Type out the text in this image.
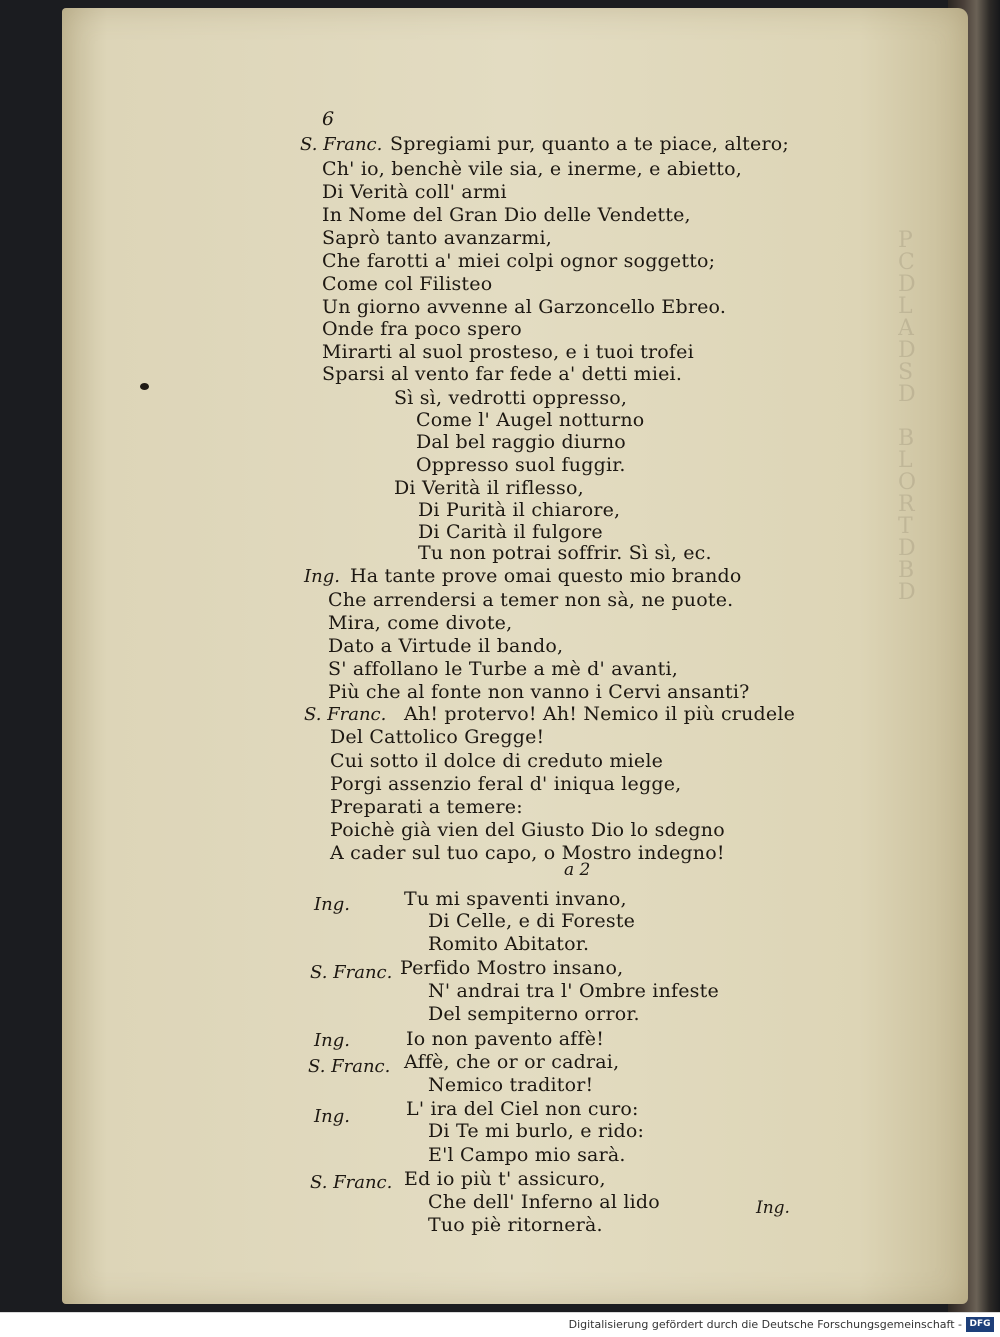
P
C
D
L
A
D
S
D

B
L
O
R
T
D
B
D
6
S. Franc.
Ing.
S. Franc.
Ing.
S. Franc.
Ing.
S. Franc.
Ing.
S. Franc.
Spregiami pur, quanto a te piace, altero;
Ch' io, benchè vile sia, e inerme, e abietto,
Di Verità coll' armi
In Nome del Gran Dio delle Vendette,
Saprò tanto avanzarmi,
Che farotti a' miei colpi ognor soggetto;
Come col Filisteo
Un giorno avvenne al Garzoncello Ebreo.
Onde fra poco spero
Mirarti al suol prosteso, e i tuoi trofei
Sparsi al vento far fede a' detti miei.
Sì sì, vedrotti oppresso,
Come l' Augel notturno
Dal bel raggio diurno
Oppresso suol fuggir.
Di Verità il riflesso,
Di Purità il chiarore,
Di Carità il fulgore
Tu non potrai soffrir. Sì sì, ec.
Ha tante prove omai questo mio brando
Che arrendersi a temer non sà, ne puote.
Mira, come divote,
Dato a Virtude il bando,
S' affollano le Turbe a mè d' avanti,
Più che al fonte non vanno i Cervi ansanti?
Ah! protervo! Ah! Nemico il più crudele
Del Cattolico Gregge!
Cui sotto il dolce di creduto miele
Porgi assenzio feral d' iniqua legge,
Preparati a temere:
Poichè già vien del Giusto Dio lo sdegno
A cader sul tuo capo, o Mostro indegno!
a 2
Tu mi spaventi invano,
Di Celle, e di Foreste
Romito Abitator.
Perfido Mostro insano,
N' andrai tra l' Ombre infeste
Del sempiterno orror.
Io non pavento affè!
Affè, che or or cadrai,
Nemico traditor!
L' ira del Ciel non curo:
Di Te mi burlo, e rido:
E'l Campo mio sarà.
Ed io più t' assicuro,
Che dell' Inferno al lido
Tuo piè ritornerà.
Ing.
Digitalisierung gefördert durch die Deutsche Forschungsgemeinschaft - DFG
